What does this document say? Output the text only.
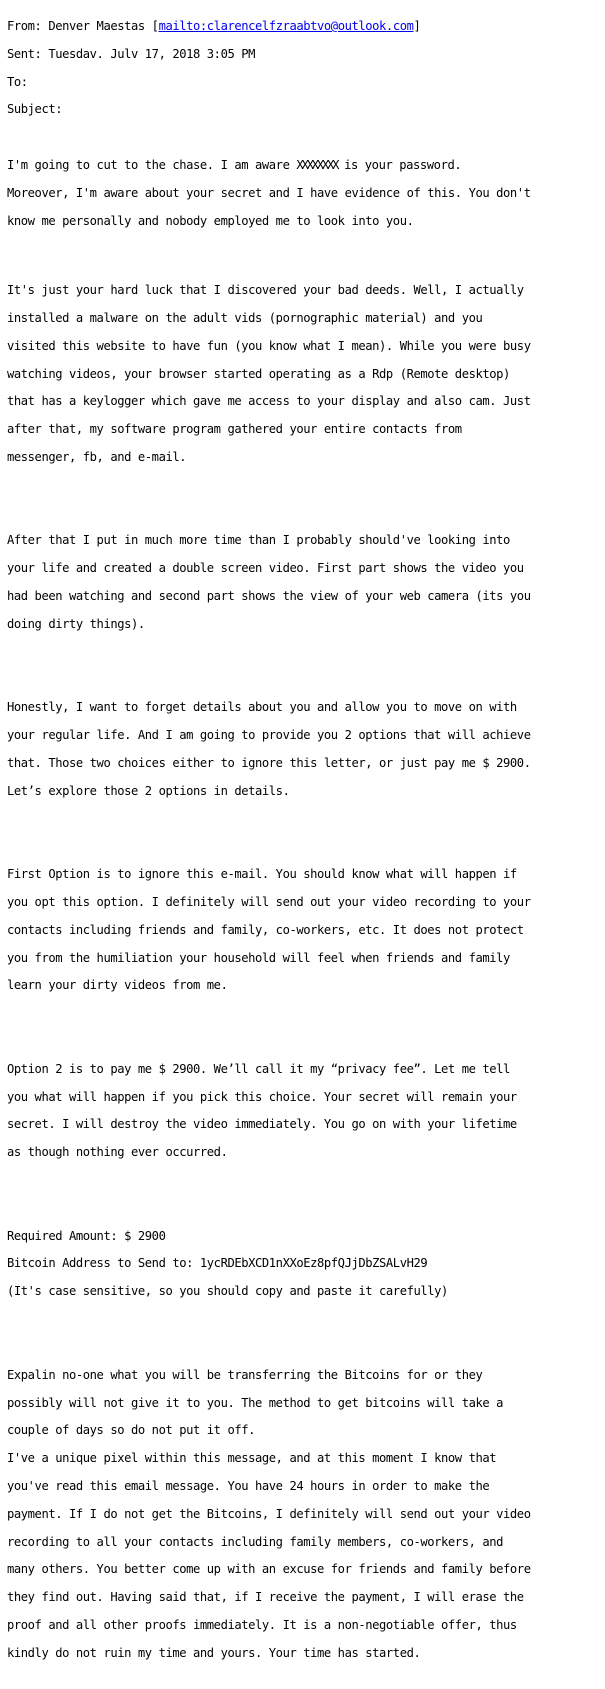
From: Denver Maestas [mailto:clarencelfzraabtvo@outlook.com]

Sent: Tuesdav. Julv 17, 2018 3:05 PM

To:

Subject:

I'm going to cut to the chase. I am aware XXXXXXXX is your password.

Moreover, I'm aware about your secret and I have evidence of this. You don't

know me personally and nobody employed me to look into you.

It's just your hard luck that I discovered your bad deeds. Well, I actually

installed a malware on the adult vids (pornographic material) and you

visited this website to have fun (you know what I mean). While you were busy

watching videos, your browser started operating as a Rdp (Remote desktop)

that has a keylogger which gave me access to your display and also cam. Just

after that, my software program gathered your entire contacts from

messenger, fb, and e-mail.

After that I put in much more time than I probably should've looking into

your life and created a double screen video. First part shows the video you

had been watching and second part shows the view of your web camera (its you

doing dirty things).

Honestly, I want to forget details about you and allow you to move on with

your regular life. And I am going to provide you 2 options that will achieve

that. Those two choices either to ignore this letter, or just pay me $ 2900.

Let’s explore those 2 options in details.

First Option is to ignore this e-mail. You should know what will happen if

you opt this option. I definitely will send out your video recording to your

contacts including friends and family, co-workers, etc. It does not protect

you from the humiliation your household will feel when friends and family

learn your dirty videos from me.

Option 2 is to pay me $ 2900. We’ll call it my “privacy fee”. Let me tell

you what will happen if you pick this choice. Your secret will remain your

secret. I will destroy the video immediately. You go on with your lifetime

as though nothing ever occurred.

Required Amount: $ 2900

Bitcoin Address to Send to: 1ycRDEbXCD1nXXoEz8pfQJjDbZSALvH29

(It's case sensitive, so you should copy and paste it carefully)

Expalin no-one what you will be transferring the Bitcoins for or they

possibly will not give it to you. The method to get bitcoins will take a

couple of days so do not put it off.

I've a unique pixel within this message, and at this moment I know that

you've read this email message. You have 24 hours in order to make the

payment. If I do not get the Bitcoins, I definitely will send out your video

recording to all your contacts including family members, co-workers, and

many others. You better come up with an excuse for friends and family before

they find out. Having said that, if I receive the payment, I will erase the

proof and all other proofs immediately. It is a non-negotiable offer, thus

kindly do not ruin my time and yours. Your time has started.
